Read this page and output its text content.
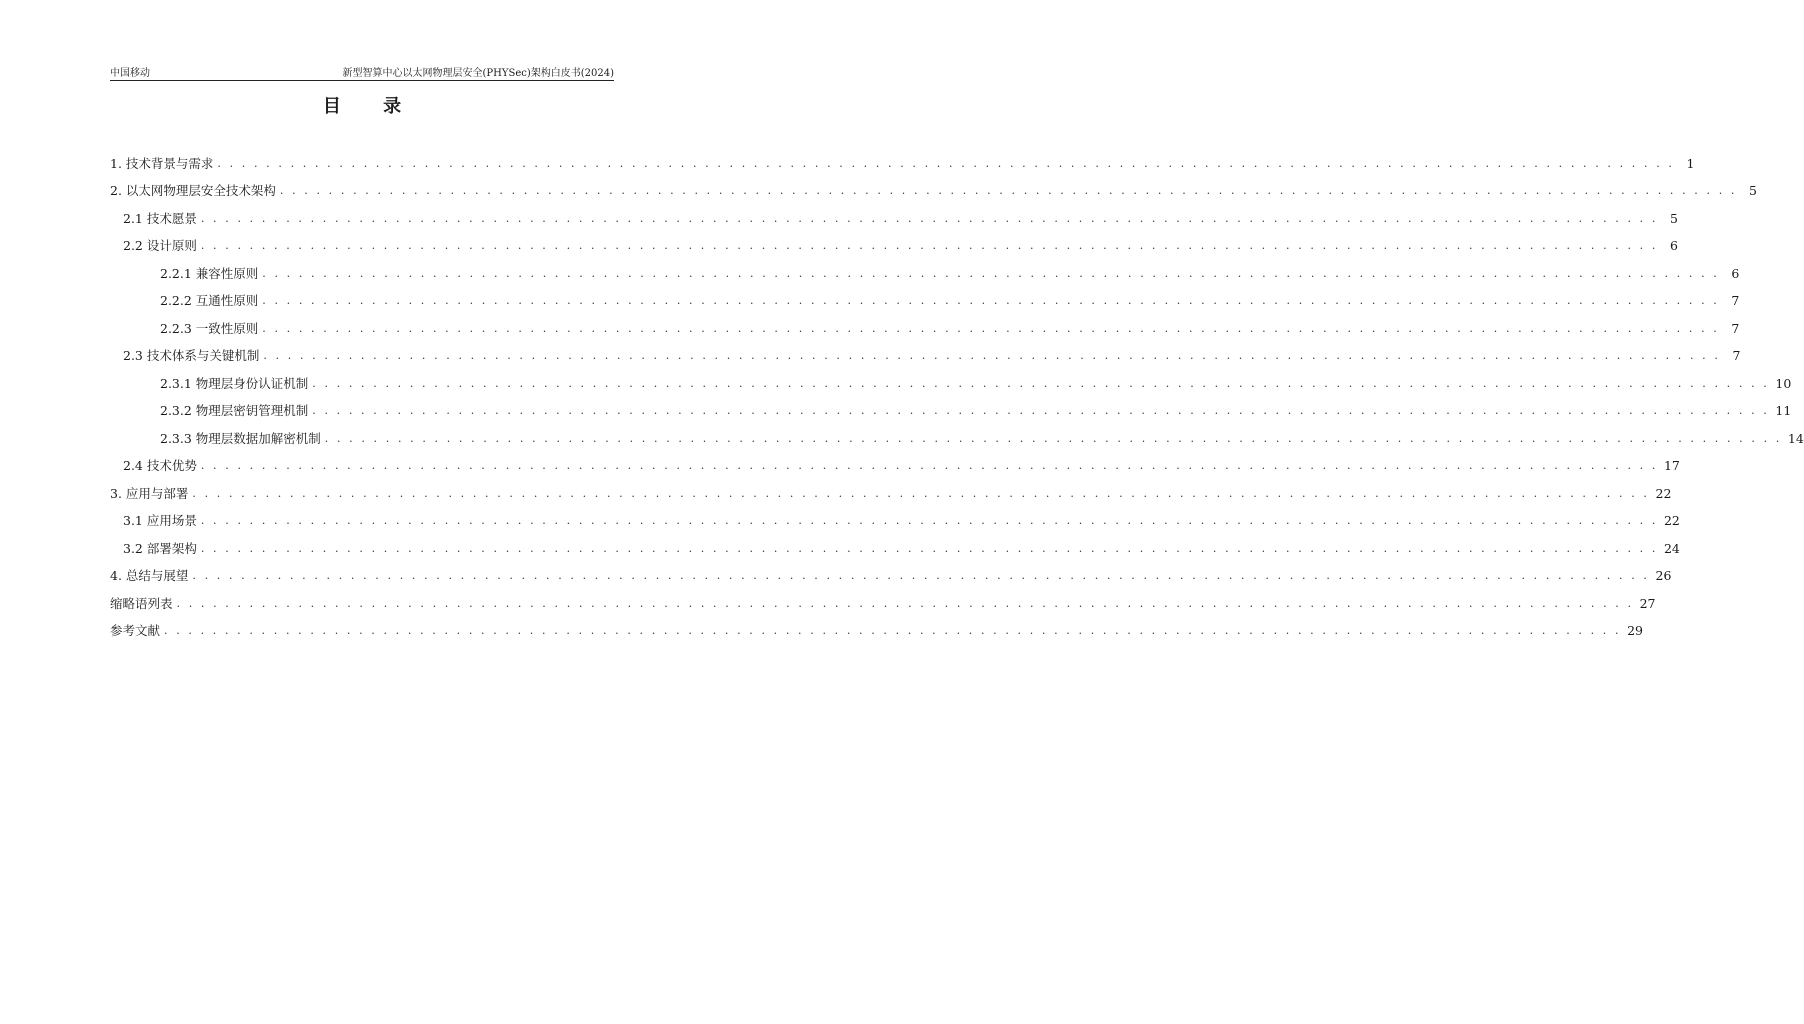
中国移动	新型智算中心以太网物理层安全(PHYSec)架构白皮书(2024)
目 录
1. 技术背景与需求 . . . . . . . . . . . . . . . . . . . . . . . . . . . . . . . . . . . . . . . . . . . . . . . . . . . . . . . . . . . . . . . . . . . . . . . . . . . . . . . . . . . . . . . . . . . . . . . . . . . . . . . . . . . . . . . . . . . . . . . . 1
2. 以太网物理层安全技术架构 . . . . . . . . . . . . . . . . . . . . . . . . . . . . . . . . . . . . . . . . . . . . . . . . . . . . . . . . . . . . . . . . . . . . . . . . . . . . . . . . . . . . . . . . . . . . . . . . . . . . . . . . . . . . . . . . . . . . . . . . 5
2.1 技术愿景 . . . . . . . . . . . . . . . . . . . . . . . . . . . . . . . . . . . . . . . . . . . . . . . . . . . . . . . . . . . . . . . . . . . . . . . . . . . . . . . . . . . . . . . . . . . . . . . . . . . . . . . . . . . . . . . . . . . . . . . . 5
2.2 设计原则 . . . . . . . . . . . . . . . . . . . . . . . . . . . . . . . . . . . . . . . . . . . . . . . . . . . . . . . . . . . . . . . . . . . . . . . . . . . . . . . . . . . . . . . . . . . . . . . . . . . . . . . . . . . . . . . . . . . . . . . . 6
2.2.1 兼容性原则 . . . . . . . . . . . . . . . . . . . . . . . . . . . . . . . . . . . . . . . . . . . . . . . . . . . . . . . . . . . . . . . . . . . . . . . . . . . . . . . . . . . . . . . . . . . . . . . . . . . . . . . . . . . . . . . . . . . . . . . . 6
2.2.2 互通性原则 . . . . . . . . . . . . . . . . . . . . . . . . . . . . . . . . . . . . . . . . . . . . . . . . . . . . . . . . . . . . . . . . . . . . . . . . . . . . . . . . . . . . . . . . . . . . . . . . . . . . . . . . . . . . . . . . . . . . . . . . 7
2.2.3 一致性原则 . . . . . . . . . . . . . . . . . . . . . . . . . . . . . . . . . . . . . . . . . . . . . . . . . . . . . . . . . . . . . . . . . . . . . . . . . . . . . . . . . . . . . . . . . . . . . . . . . . . . . . . . . . . . . . . . . . . . . . . . 7
2.3 技术体系与关键机制 . . . . . . . . . . . . . . . . . . . . . . . . . . . . . . . . . . . . . . . . . . . . . . . . . . . . . . . . . . . . . . . . . . . . . . . . . . . . . . . . . . . . . . . . . . . . . . . . . . . . . . . . . . . . . . . . . . . . . . . . 7
2.3.1 物理层身份认证机制 . . . . . . . . . . . . . . . . . . . . . . . . . . . . . . . . . . . . . . . . . . . . . . . . . . . . . . . . . . . . . . . . . . . . . . . . . . . . . . . . . . . . . . . . . . . . . . . . . . . . . . . . . . . . . . . . . . . . . . . . 10
2.3.2 物理层密钥管理机制 . . . . . . . . . . . . . . . . . . . . . . . . . . . . . . . . . . . . . . . . . . . . . . . . . . . . . . . . . . . . . . . . . . . . . . . . . . . . . . . . . . . . . . . . . . . . . . . . . . . . . . . . . . . . . . . . . . . . . . . . 11
2.3.3 物理层数据加解密机制 . . . . . . . . . . . . . . . . . . . . . . . . . . . . . . . . . . . . . . . . . . . . . . . . . . . . . . . . . . . . . . . . . . . . . . . . . . . . . . . . . . . . . . . . . . . . . . . . . . . . . . . . . . . . . . . . . . . . . . . . 14
2.4 技术优势 . . . . . . . . . . . . . . . . . . . . . . . . . . . . . . . . . . . . . . . . . . . . . . . . . . . . . . . . . . . . . . . . . . . . . . . . . . . . . . . . . . . . . . . . . . . . . . . . . . . . . . . . . . . . . . . . . . . . . . . . 17
3. 应用与部署 . . . . . . . . . . . . . . . . . . . . . . . . . . . . . . . . . . . . . . . . . . . . . . . . . . . . . . . . . . . . . . . . . . . . . . . . . . . . . . . . . . . . . . . . . . . . . . . . . . . . . . . . . . . . . . . . . . . . . . . . 22
3.1 应用场景 . . . . . . . . . . . . . . . . . . . . . . . . . . . . . . . . . . . . . . . . . . . . . . . . . . . . . . . . . . . . . . . . . . . . . . . . . . . . . . . . . . . . . . . . . . . . . . . . . . . . . . . . . . . . . . . . . . . . . . . . 22
3.2 部署架构 . . . . . . . . . . . . . . . . . . . . . . . . . . . . . . . . . . . . . . . . . . . . . . . . . . . . . . . . . . . . . . . . . . . . . . . . . . . . . . . . . . . . . . . . . . . . . . . . . . . . . . . . . . . . . . . . . . . . . . . . 24
4. 总结与展望 . . . . . . . . . . . . . . . . . . . . . . . . . . . . . . . . . . . . . . . . . . . . . . . . . . . . . . . . . . . . . . . . . . . . . . . . . . . . . . . . . . . . . . . . . . . . . . . . . . . . . . . . . . . . . . . . . . . . . . . . 26
缩略语列表 . . . . . . . . . . . . . . . . . . . . . . . . . . . . . . . . . . . . . . . . . . . . . . . . . . . . . . . . . . . . . . . . . . . . . . . . . . . . . . . . . . . . . . . . . . . . . . . . . . . . . . . . . . . . . . . . . . . . . . . . 27
参考文献 . . . . . . . . . . . . . . . . . . . . . . . . . . . . . . . . . . . . . . . . . . . . . . . . . . . . . . . . . . . . . . . . . . . . . . . . . . . . . . . . . . . . . . . . . . . . . . . . . . . . . . . . . . . . . . . . . . . . . . . . 29
